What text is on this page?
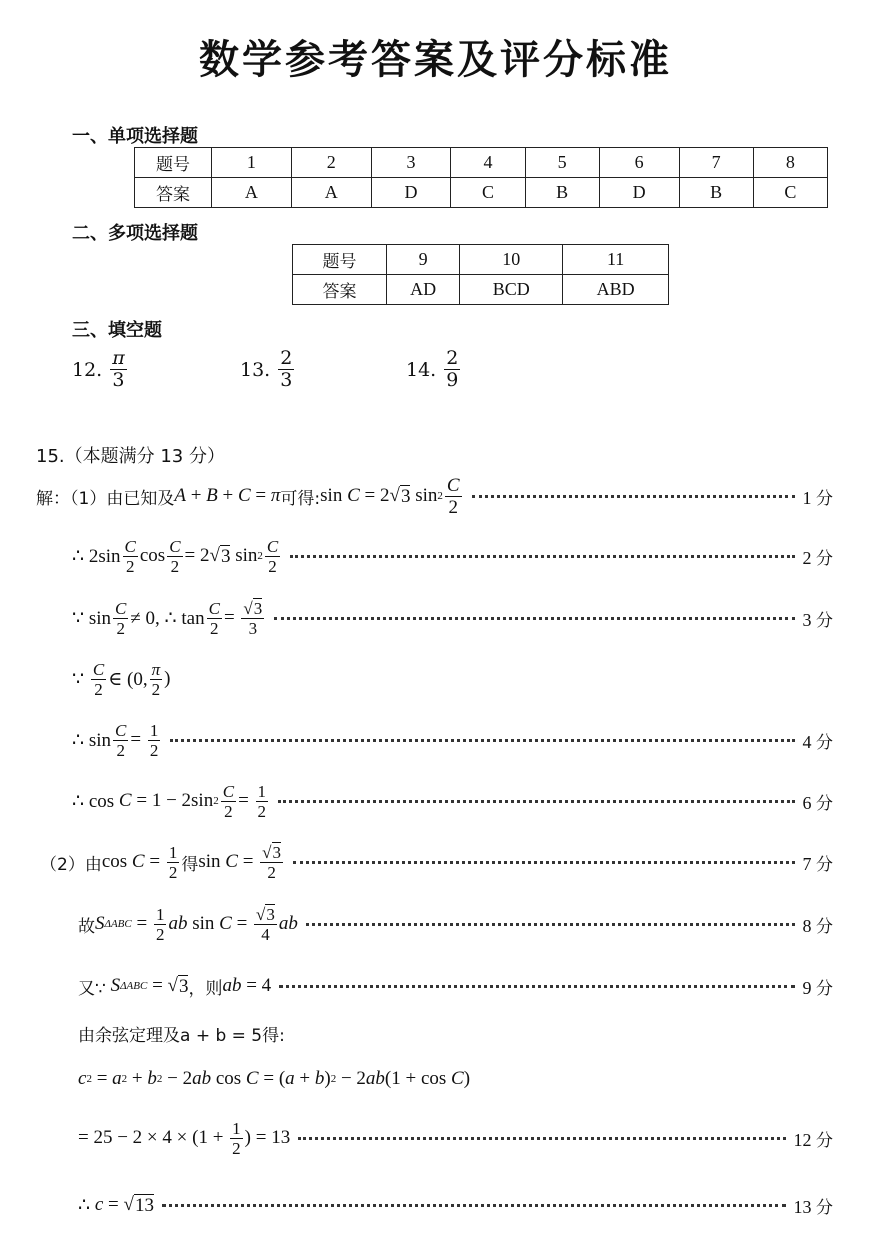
数学参考答案及评分标准
一、单项选择题
题号	1	2	3	4	5	6	7	8
答案	A	A	D	C	B	D	B	C
二、多项选择题
题号	9	10	11
答案	AD	BCD	ABD
三、填空题
12. $\frac{\pi}{3}$	13. $\frac{2}{3}$	14. $\frac{2}{9}$
15.（本题满分 13 分）
解：（1）由已知及 A + B + C = π 可得: sin C = 2 √ 3 $\sin 2 \frac{C}{2}$	1 分
∴ $2\sin \frac{C}{2}$ $\cos \frac{C}{2} = 2$ √ 3 $\sin 2 \frac{C}{2}$	2 分
∵ $\sin \frac{C}{2} \ne 0$, ∴ $\tan \frac{C}{2} = \frac{√3}{3}$	3 分
∵ $\frac{C}{2}$ ∈ (0, $\frac{\pi}{2}$ )
∴ $\sin \frac{C}{2} = \frac{1}{2}$	4 分
∴ cos C = 1 − 2sin $2 \frac{C}{2} = \frac{1}{2}$	6 分
（2）由 $\cos C = \frac{1}{2}$ 得 $\sin C = \frac{√3}{2}$	7 分
故 S $\Delta ABC = \frac{1}{2}$ ab $\sin C = \frac{√3}{4}$ ab	8 分
又∵
S ΔABC = √ 3 ，则 ab = 4	9 分
由余弦定理及a + b = 5得:
c 2 = a 2 + b 2 − 2 ab cos C = ( a + b ) 2 − 2 ab (1 + cos C )
= $25 - 2 \times 4 \times (1 + \frac{1}{2}$ ) = 13	12 分
∴ c = √ 13	13 分
